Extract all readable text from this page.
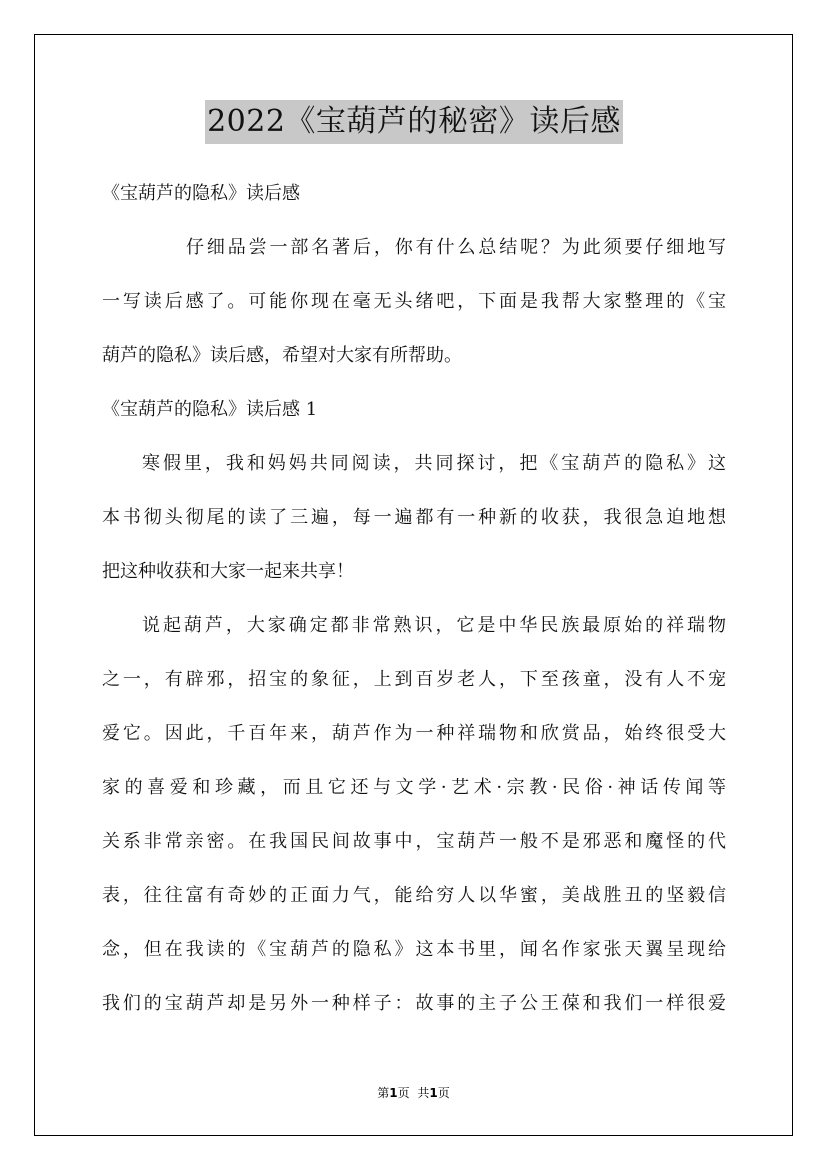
2022《宝葫芦的秘密》读后感
《宝葫芦的隐私》读后感
仔细品尝一部名著后，你有什么总结呢？为此须要仔细地写
一写读后感了。可能你现在毫无头绪吧，下面是我帮大家整理的《宝
葫芦的隐私》读后感，希望对大家有所帮助。
《宝葫芦的隐私》读后感 1
寒假里，我和妈妈共同阅读，共同探讨，把《宝葫芦的隐私》这
本书彻头彻尾的读了三遍，每一遍都有一种新的收获，我很急迫地想
把这种收获和大家一起来共享！
说起葫芦，大家确定都非常熟识，它是中华民族最原始的祥瑞物
之一，有辟邪，招宝的象征，上到百岁老人，下至孩童，没有人不宠
爱它。因此，千百年来，葫芦作为一种祥瑞物和欣赏品，始终很受大
家的喜爱和珍藏，而且它还与文学·艺术·宗教·民俗·神话传闻等
关系非常亲密。在我国民间故事中，宝葫芦一般不是邪恶和魔怪的代
表，往往富有奇妙的正面力气，能给穷人以华蜜，美战胜丑的坚毅信
念，但在我读的《宝葫芦的隐私》这本书里，闻名作家张天翼呈现给
我们的宝葫芦却是另外一种样子：故事的主子公王葆和我们一样很爱
第1页 共1页
